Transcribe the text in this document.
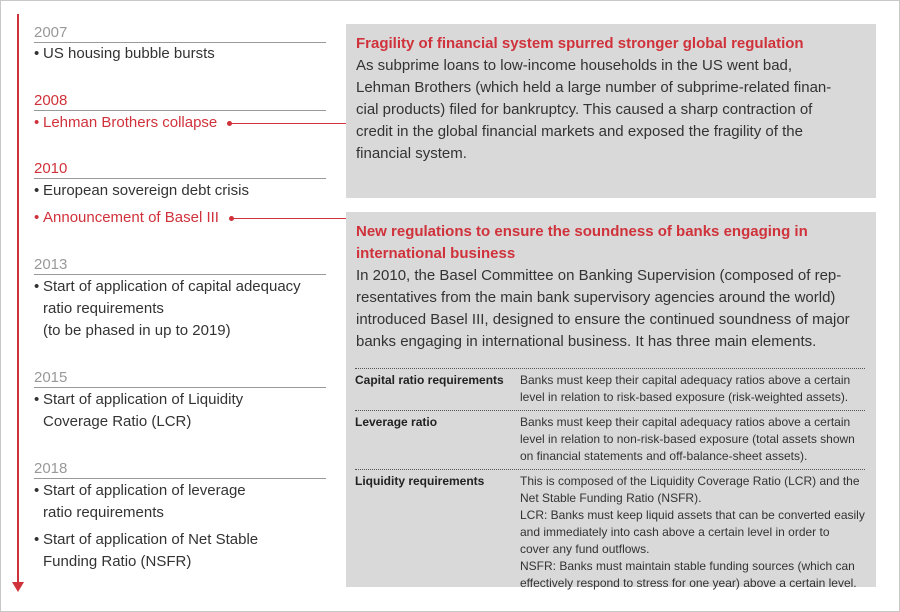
2007
• US housing bubble bursts
2008
• Lehman Brothers collapse
2010
• European sovereign debt crisis
• Announcement of Basel III
2013
• Start of application of capital adequacy
ratio requirements
(to be phased in up to 2019)
2015
• Start of application of Liquidity
Coverage Ratio (LCR)
2018
• Start of application of leverage
ratio requirements
• Start of application of Net Stable
Funding Ratio (NSFR)
Fragility of financial system spurred stronger global regulation
As subprime loans to low-income households in the US went bad,
Lehman Brothers (which held a large number of subprime-related finan-
cial products) filed for bankruptcy. This caused a sharp contraction of
credit in the global financial markets and exposed the fragility of the
financial system.
New regulations to ensure the soundness of banks engaging in
international business
In 2010, the Basel Committee on Banking Supervision (composed of rep-
resentatives from the main bank supervisory agencies around the world)
introduced Basel III, designed to ensure the continued soundness of major
banks engaging in international business. It has three main elements.
Capital ratio requirements	Banks must keep their capital adequacy ratios above a certain
level in relation to risk-based exposure (risk-weighted assets).
Leverage ratio	Banks must keep their capital adequacy ratios above a certain
level in relation to non-risk-based exposure (total assets shown
on financial statements and off-balance-sheet assets).
Liquidity requirements	This is composed of the Liquidity Coverage Ratio (LCR) and the
Net Stable Funding Ratio (NSFR).
LCR: Banks must keep liquid assets that can be converted easily
and immediately into cash above a certain level in order to
cover any fund outflows.
NSFR: Banks must maintain stable funding sources (which can
effectively respond to stress for one year) above a certain level.
